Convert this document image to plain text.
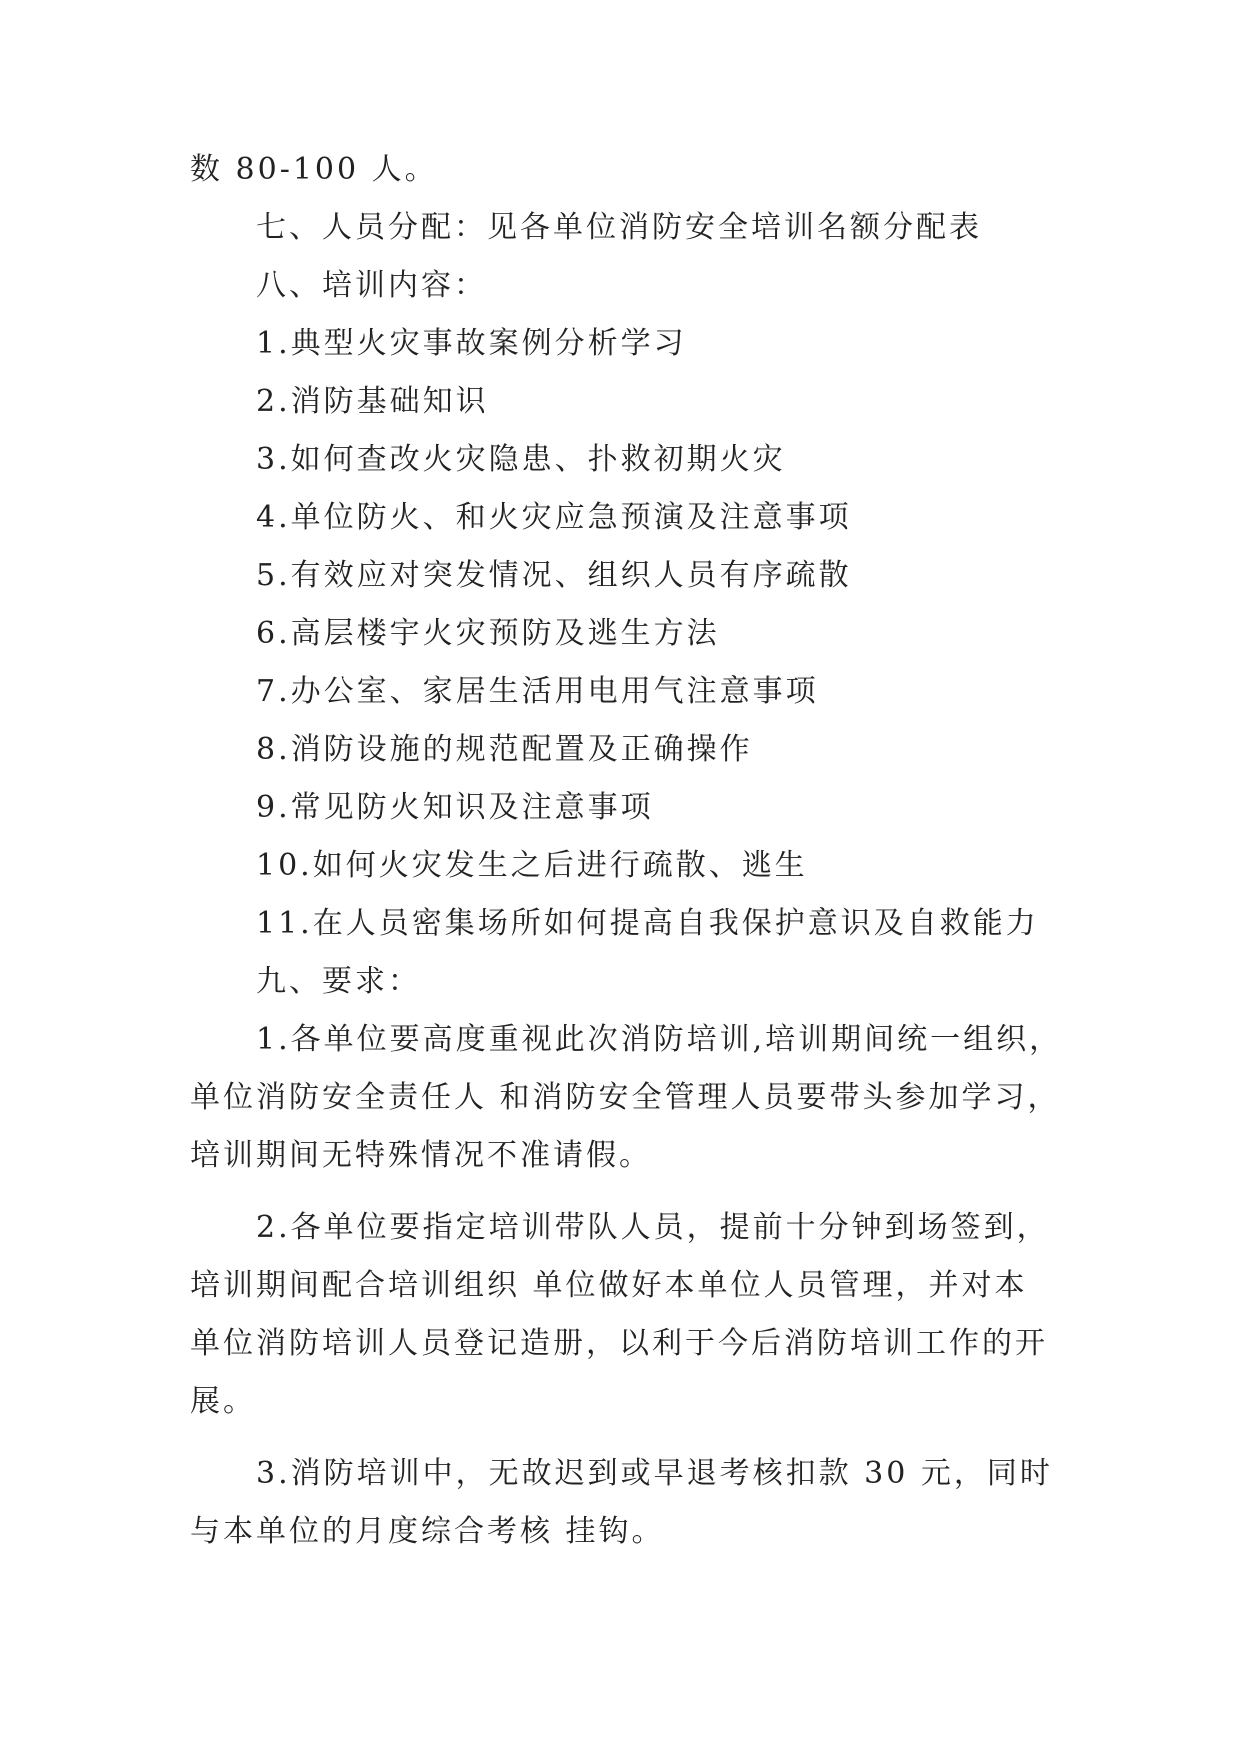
数 80-100 人。
七、人员分配：见各单位消防安全培训名额分配表
八、培训内容：
1.典型火灾事故案例分析学习
2.消防基础知识
3.如何查改火灾隐患、扑救初期火灾
4.单位防火、和火灾应急预演及注意事项
5.有效应对突发情况、组织人员有序疏散
6.高层楼宇火灾预防及逃生方法
7.办公室、家居生活用电用气注意事项
8.消防设施的规范配置及正确操作
9.常见防火知识及注意事项
10.如何火灾发生之后进行疏散、逃生
11.在人员密集场所如何提高自我保护意识及自救能力
九、要求：
1.各单位要高度重视此次消防培训,培训期间统一组织，
单位消防安全责任人 和消防安全管理人员要带头参加学习，
培训期间无特殊情况不准请假。
2.各单位要指定培训带队人员，提前十分钟到场签到，
培训期间配合培训组织 单位做好本单位人员管理，并对本
单位消防培训人员登记造册，以利于今后消防培训工作的开
展。
3.消防培训中，无故迟到或早退考核扣款 30 元，同时
与本单位的月度综合考核 挂钩。
